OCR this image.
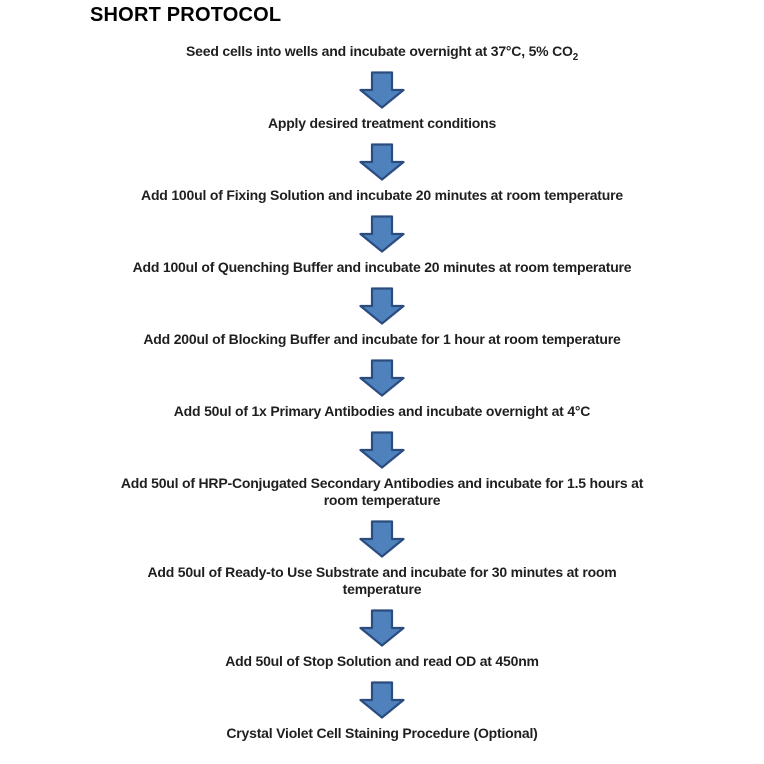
SHORT PROTOCOL
Seed cells into wells and incubate overnight at 37°C, 5% $CO_2$
Apply desired treatment conditions
Add 100ul of Fixing Solution and incubate 20 minutes at room temperature
Add 100ul of Quenching Buffer and incubate 20 minutes at room temperature
Add 200ul of Blocking Buffer and incubate for 1 hour at room temperature
Add 50ul of 1x Primary Antibodies and incubate overnight at 4°C
Add 50ul of HRP-Conjugated Secondary Antibodies and incubate for 1.5 hours at room temperature
Add 50ul of Ready-to Use Substrate and incubate for 30 minutes at room temperature
Add 50ul of Stop Solution and read OD at 450nm
Crystal Violet Cell Staining Procedure (Optional)
